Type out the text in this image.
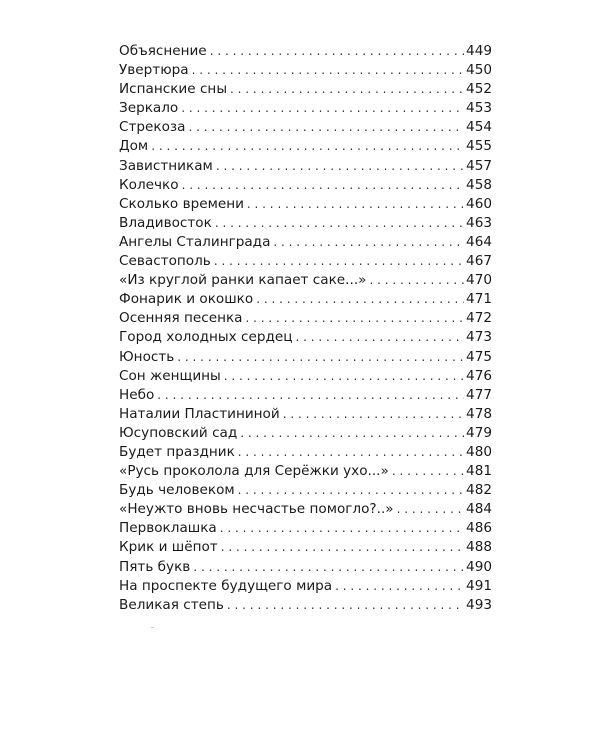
Объяснение . . .	449
Увертюра . . .	450
Испанские сны . . .	452
Зеркало . . .	453
Стрекоза . . .	454
Дом . . .	455
Завистникам . . .	457
Колечко . . .	458
Сколько времени . . .	460
Владивосток . . .	463
Ангелы Сталинграда . . .	464
Севастополь . . .	467
«Из круглой ранки капает саке...» . . .	470
Фонарик и окошко . . .	471
Осенняя песенка . . .	472
Город холодных сердец . . .	473
Юность . . .	475
Сон женщины . . .	476
Небо . . .	477
Наталии Пластининой . . .	478
Юсуповский сад . . .	479
Будет праздник . . .	480
«Русь проколола для Серёжки ухо...» . . .	481
Будь человеком . . .	482
«Неужто вновь несчастье помогло?..» . . .	484
Первоклашка . . .	486
Крик и шёпот . . .	488
Пять букв . . .	490
На проспекте будущего мира . . .	491
Великая степь . . .	493
